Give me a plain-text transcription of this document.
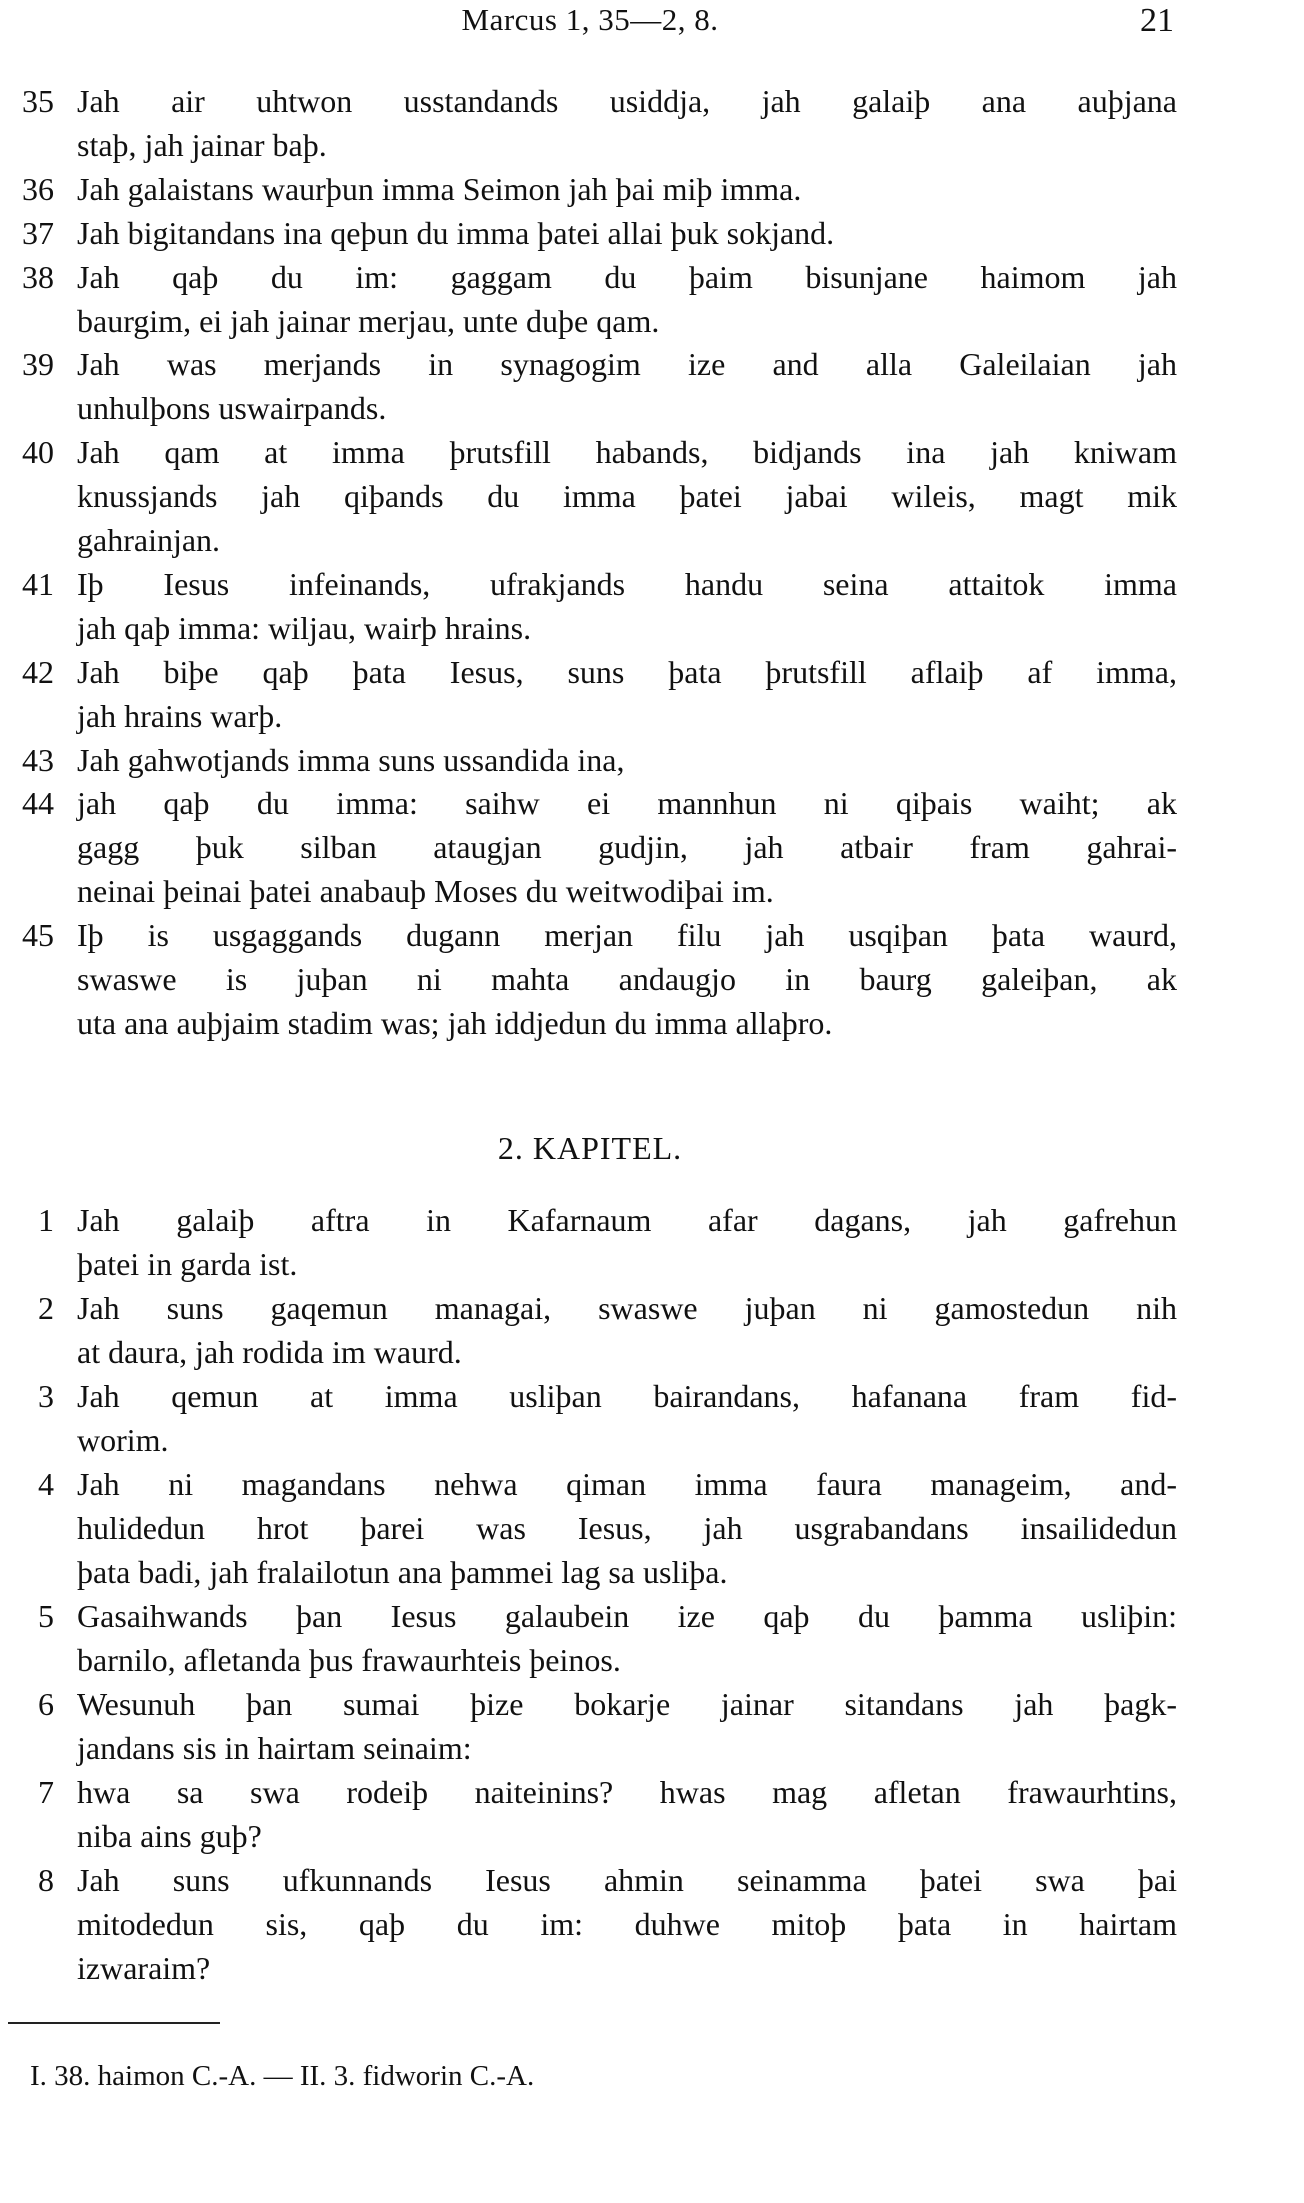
Marcus 1, 35—2, 8.	21
35 Jah air uhtwon usstandands usiddja, jah galaiþ ana auþjana
staþ, jah jainar baþ.
36 Jah galaistans waurþun imma Seimon jah þai miþ imma.
37 Jah bigitandans ina qeþun du imma þatei allai þuk sokjand.
38 Jah qaþ du im: gaggam du þaim bisunjane haimom jah
baurgim, ei jah jainar merjau, unte duþe qam.
39 Jah was merjands in synagogim ize and alla Galeilaian jah
unhulþons uswairpands.
40 Jah qam at imma þrutsfill habands, bidjands ina jah kniwam
knussjands jah qiþands du imma þatei jabai wileis, magt mik
gahrainjan.
41 Iþ Iesus infeinands, ufrakjands handu seina attaitok imma
jah qaþ imma: wiljau, wairþ hrains.
42 Jah biþe qaþ þata Iesus, suns þata þrutsfill aflaiþ af imma,
jah hrains warþ.
43 Jah gahwotjands imma suns ussandida ina,
44 jah qaþ du imma: saihw ei mannhun ni qiþais waiht; ak
gagg þuk silban ataugjan gudjin, jah atbair fram gahrai-
neinai þeinai þatei anabauþ Moses du weitwodiþai im.
45 Iþ is usgaggands dugann merjan filu jah usqiþan þata waurd,
swaswe is juþan ni mahta andaugjo in baurg galeiþan, ak
uta ana auþjaim stadim was; jah iddjedun du imma allaþro.
2. KAPITEL.
1 Jah galaiþ aftra in Kafarnaum afar dagans, jah gafrehun
þatei in garda ist.
2 Jah suns gaqemun managai, swaswe juþan ni gamostedun nih
at daura, jah rodida im waurd.
3 Jah qemun at imma usliþan bairandans, hafanana fram fid-
worim.
4 Jah ni magandans nehwa qiman imma faura manageim, and-
hulidedun hrot þarei was Iesus, jah usgrabandans insailidedun
þata badi, jah fralailotun ana þammei lag sa usliþa.
5 Gasaihwands þan Iesus galaubein ize qaþ du þamma usliþin:
barnilo, afletanda þus frawaurhteis þeinos.
6 Wesunuh þan sumai þize bokarje jainar sitandans jah þagk-
jandans sis in hairtam seinaim:
7 hwa sa swa rodeiþ naiteinins? hwas mag afletan frawaurhtins,
niba ains guþ?
8 Jah suns ufkunnands Iesus ahmin seinamma þatei swa þai
mitodedun sis, qaþ du im: duhwe mitoþ þata in hairtam
izwaraim?
I. 38. haimon C.-A. — II. 3. fidworin C.-A.
